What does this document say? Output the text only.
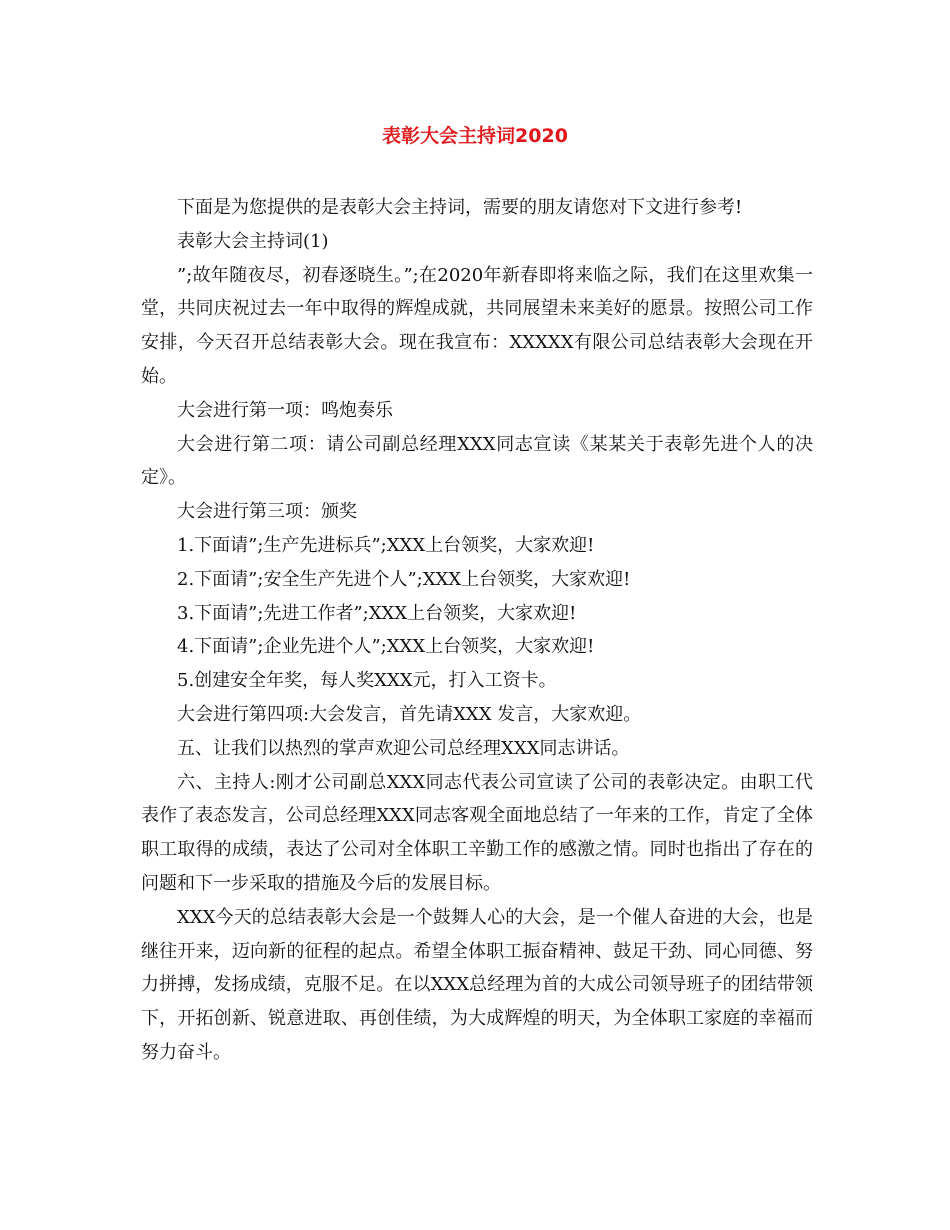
表彰大会主持词2020

下面是为您提供的是表彰大会主持词，需要的朋友请您对下文进行参考!

表彰大会主持词(1)

”;故年随夜尽，初春逐晓生。”;在2020年新春即将来临之际，我们在这里欢集一堂，共同庆祝过去一年中取得的辉煌成就，共同展望未来美好的愿景。按照公司工作安排，今天召开总结表彰大会。现在我宣布：XXXXX有限公司总结表彰大会现在开始。

大会进行第一项：鸣炮奏乐

大会进行第二项：请公司副总经理XXX同志宣读《某某关于表彰先进个人的决定》。

大会进行第三项：颁奖

1.下面请”;生产先进标兵”;XXX上台领奖，大家欢迎!

2.下面请”;安全生产先进个人”;XXX上台领奖，大家欢迎!

3.下面请”;先进工作者”;XXX上台领奖，大家欢迎!

4.下面请”;企业先进个人”;XXX上台领奖，大家欢迎!

5.创建安全年奖，每人奖XXX元，打入工资卡。

大会进行第四项:大会发言，首先请XXX 发言，大家欢迎。

五、让我们以热烈的掌声欢迎公司总经理XXX同志讲话。

六、主持人:刚才公司副总XXX同志代表公司宣读了公司的表彰决定。由职工代表作了表态发言，公司总经理XXX同志客观全面地总结了一年来的工作，肯定了全体职工取得的成绩，表达了公司对全体职工辛勤工作的感激之情。同时也指出了存在的问题和下一步采取的措施及今后的发展目标。

XXX今天的总结表彰大会是一个鼓舞人心的大会，是一个催人奋进的大会，也是继往开来，迈向新的征程的起点。希望全体职工振奋精神、鼓足干劲、同心同德、努力拼搏，发扬成绩，克服不足。在以XXX总经理为首的大成公司领导班子的团结带领下，开拓创新、锐意进取、再创佳绩，为大成辉煌的明天，为全体职工家庭的幸福而努力奋斗。
